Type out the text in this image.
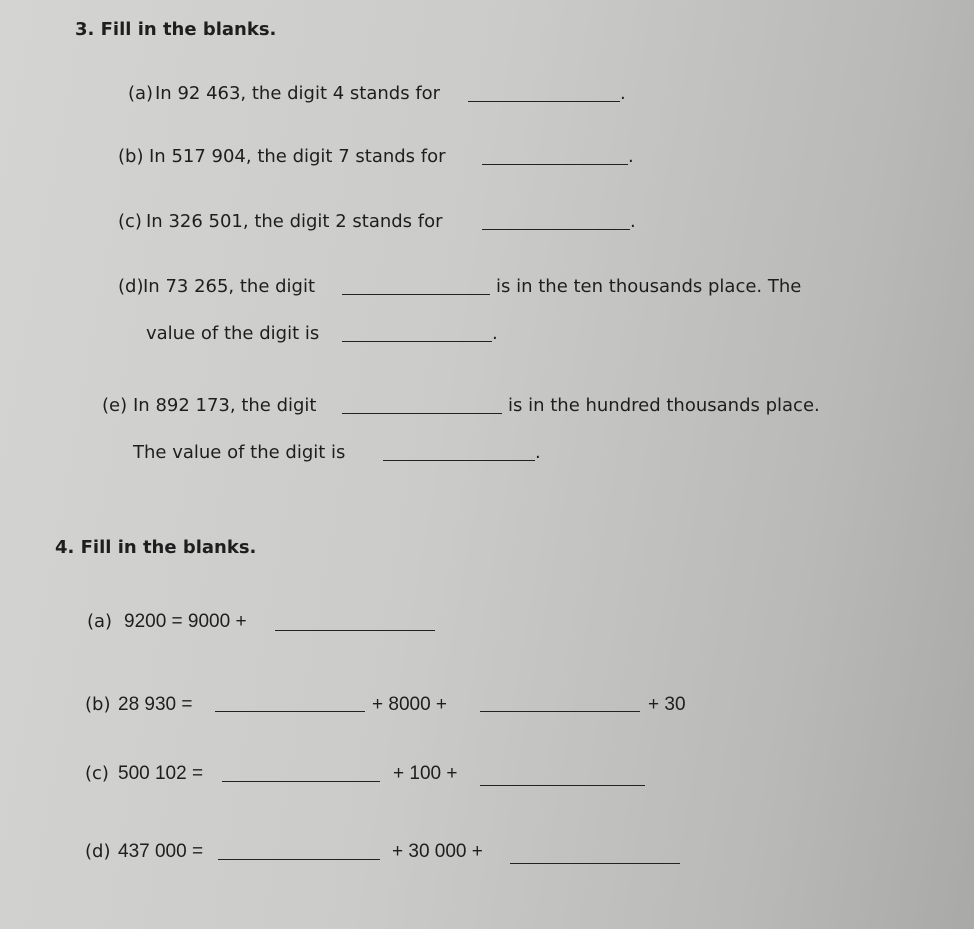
3. Fill in the blanks.
(a) In 92 463, the digit 4 stands for	.
(b) In 517 904, the digit 7 stands for	.
(c) In 326 501, the digit 2 stands for	.
(d) In 73 265, the digit	is in the ten thousands place. The
value of the digit is	.
(e) In 892 173, the digit	is in the hundred thousands place.
The value of the digit is	.
4. Fill in the blanks.
(a) 9200 = 9000 +
(b) 28 930 =	+ 8000 +	+ 30
(c) 500 102 =	+ 100 +
(d) 437 000 =	+ 30 000 +
